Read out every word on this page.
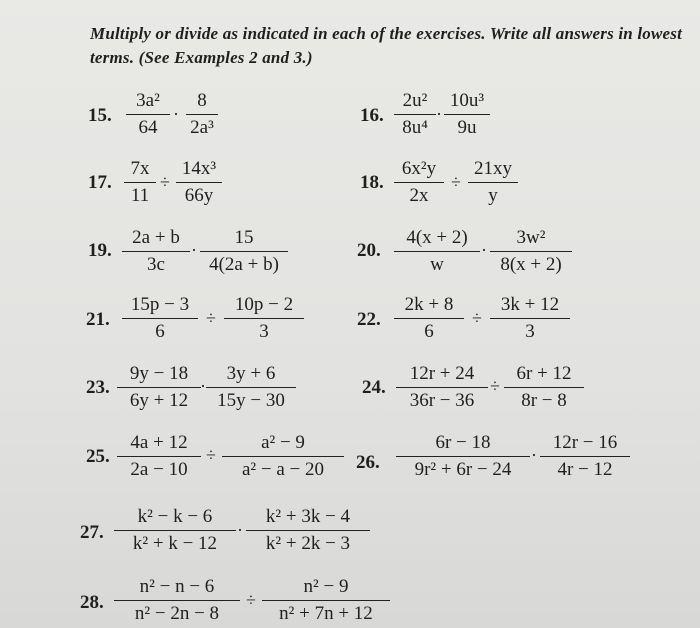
Multiply or divide as indicated in each of the exercises. Write all answers in lowest terms. (See Examples 2 and 3.)
15.
3a²
64
·
8
2a³
16.
2u²
8u⁴
·
10u³
9u
17.
7x
11
÷
14x³
66y
18.
6x²y
2x
÷
21xy
y
19.
2a + b
3c
·
15
4(2a + b)
20.
4(x + 2)
w
·
3w²
8(x + 2)
21.
15p − 3
6
÷
10p − 2
3
22.
2k + 8
6
÷
3k + 12
3
23.
9y − 18
6y + 12
·
3y + 6
15y − 30
24.
12r + 24
36r − 36
÷
6r + 12
8r − 8
25.
4a + 12
2a − 10
÷
a² − 9
a² − a − 20	26.
6r − 18
9r² + 6r − 24
·
12r − 16
4r − 12
27.
k² − k − 6
k² + k − 12
·
k² + 3k − 4
k² + 2k − 3
28.
n² − n − 6
n² − 2n − 8
÷
n² − 9
n² + 7n + 12
